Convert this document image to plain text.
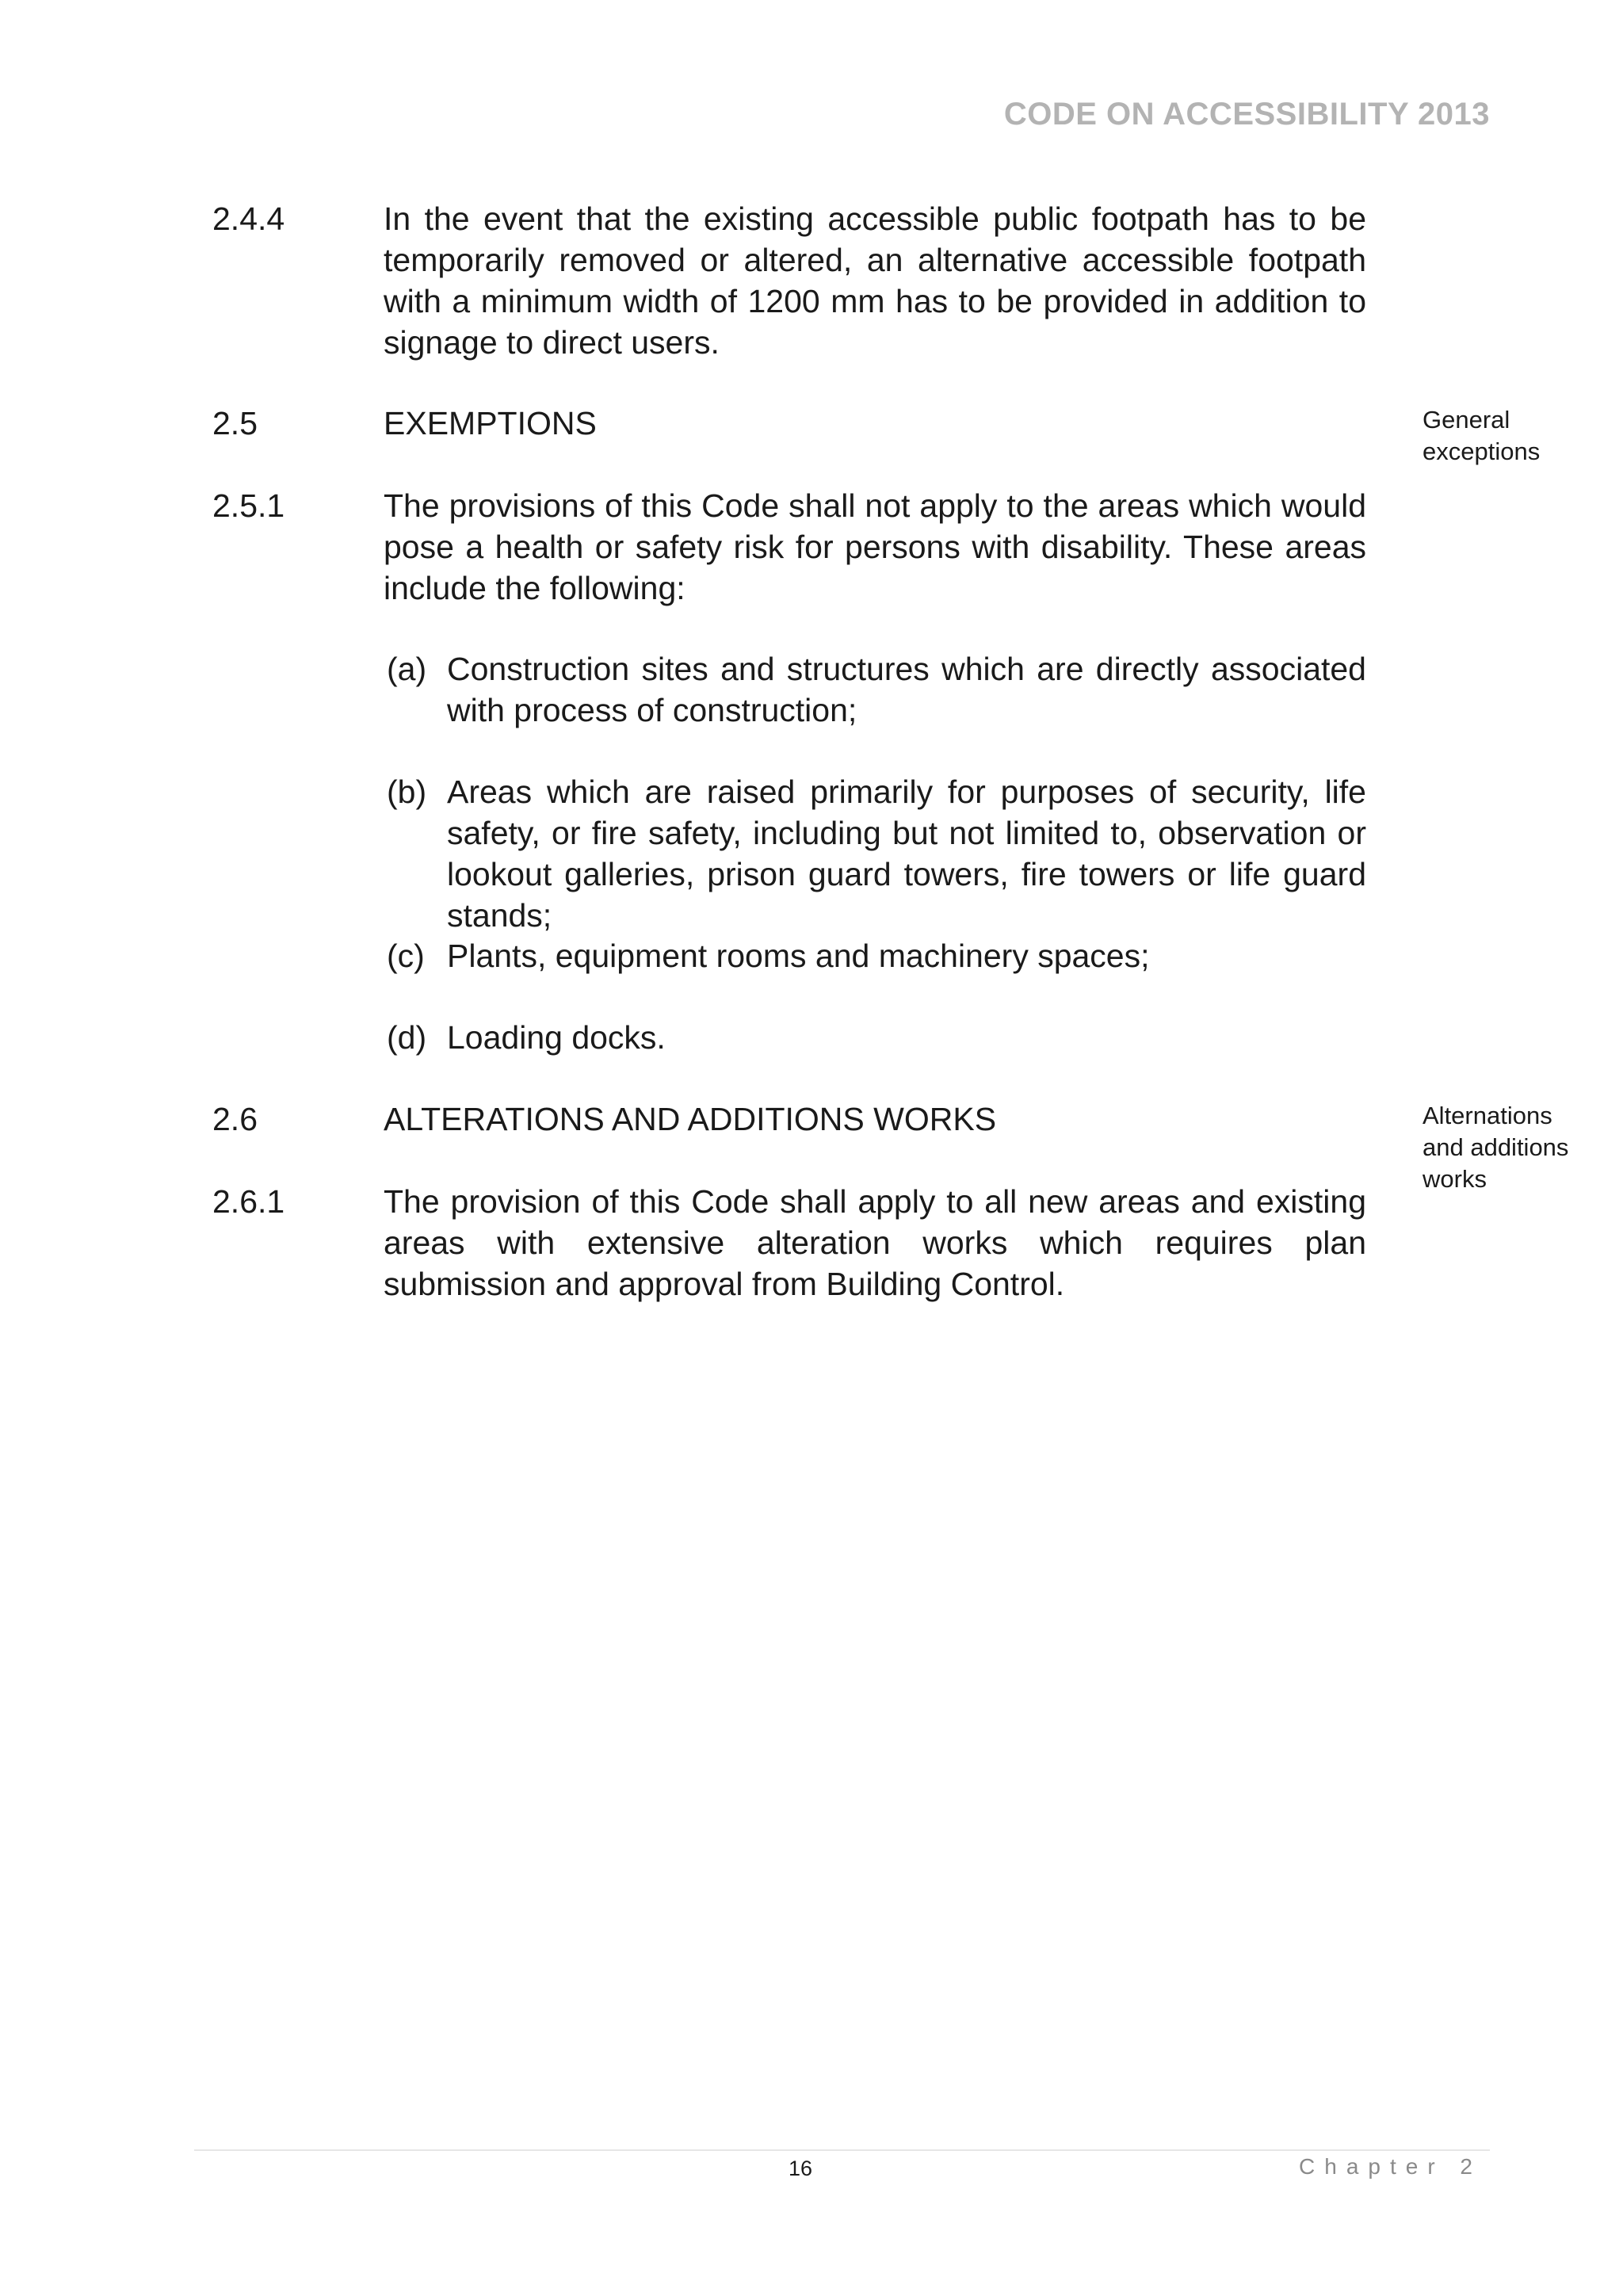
CODE ON ACCESSIBILITY 2013
2.4.4	In the event that the existing accessible public footpath has to be temporarily removed or altered, an alternative accessible footpath with a minimum width of 1200 mm has to be provided in addition to signage to direct users.
2.5	EXEMPTIONS	General exceptions
2.5.1	The provisions of this Code shall not apply to the areas which would pose a health or safety risk for persons with disability. These areas include the following:
(a) Construction sites and structures which are directly associated with process of construction;
(b) Areas which are raised primarily for purposes of security, life safety, or fire safety, including but not limited to, observation or lookout galleries, prison guard towers, fire towers or life guard stands;
(c) Plants, equipment rooms and machinery spaces;
(d) Loading docks.
2.6	ALTERATIONS AND ADDITIONS WORKS	Alternations and additions works
2.6.1	The provision of this Code shall apply to all new areas and existing areas with extensive alteration works which requires plan submission and approval from Building Control.
16	Chapter 2
